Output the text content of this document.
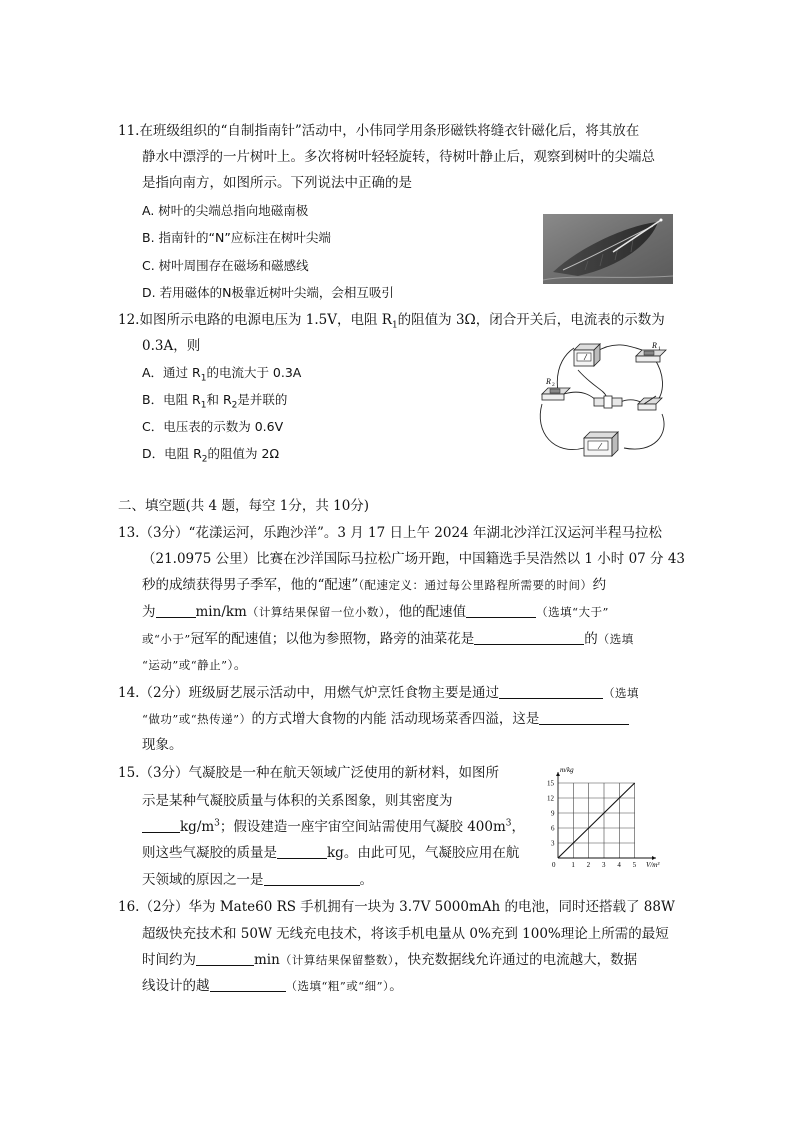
11.在班级组织的“自制指南针”活动中，小伟同学用条形磁铁将缝衣针磁化后，将其放在
静水中漂浮的一片树叶上。多次将树叶轻轻旋转，待树叶静止后，观察到树叶的尖端总
是指向南方，如图所示。下列说法中正确的是
A. 树叶的尖端总指向地磁南极
B. 指南针的“N”应标注在树叶尖端
C. 树叶周围存在磁场和磁感线
D. 若用磁体的N极靠近树叶尖端，会相互吸引
12.如图所示电路的电源电压为 1.5V，电阻 $R_1$的阻值为 3Ω，闭合开关后，电流表的示数为
0.3A，则
A．通过 $R_1$的电流大于 0.3A
B．电阻 $R_1$和 $R_2$是并联的
C．电压表的示数为 0.6V
D．电阻 $R_2$的阻值为 2Ω
R 1
R 2
二、填空题(共 4 题，每空 1分，共 10分)
13.（3分）“花漾运河，乐跑沙洋”。3 月 17 日上午 2024 年湖北沙洋江汉运河半程马拉松
（21.0975 公里）比赛在沙洋国际马拉松广场开跑，中国籍选手吴浩然以 1 小时 07 分 43
秒的成绩获得男子季军，他的“配速”（配速定义：通过每公里路程所需要的时间）约
为	min/km（计算结果保留一位小数），他的配速值	（选填“大于”
或“小于”冠军的配速值；以他为参照物，路旁的油菜花是	的（选填
“运动”或“静止”）。
14.（2分）班级厨艺展示活动中，用燃气炉烹饪食物主要是通过	（选填
“做功”或“热传递”）的方式增大食物的内能 活动现场菜香四溢，这是
现象。
15.（3分）气凝胶是一种在航天领域广泛使用的新材料，如图所
示是某种气凝胶质量与体积的关系图象，则其密度为
$kg/m^3$；假设建造一座宇宙空间站需使用气凝胶 $400m^3$，
则这些气凝胶的质量是	kg。由此可见，气凝胶应用在航
天领域的原因之一是	。
0 1 2 3 4 5
3
6
9
12
15
m/kg
V/m³
16.（2分）华为 Mate60 RS 手机拥有一块为 3.7V 5000mAh 的电池，同时还搭载了 88W
超级快充技术和 50W 无线充电技术，将该手机电量从 0%充到 100%理论上所需的最短
时间约为	min（计算结果保留整数），快充数据线允许通过的电流越大，数据
线设计的越	（选填“粗”或“细”）。
